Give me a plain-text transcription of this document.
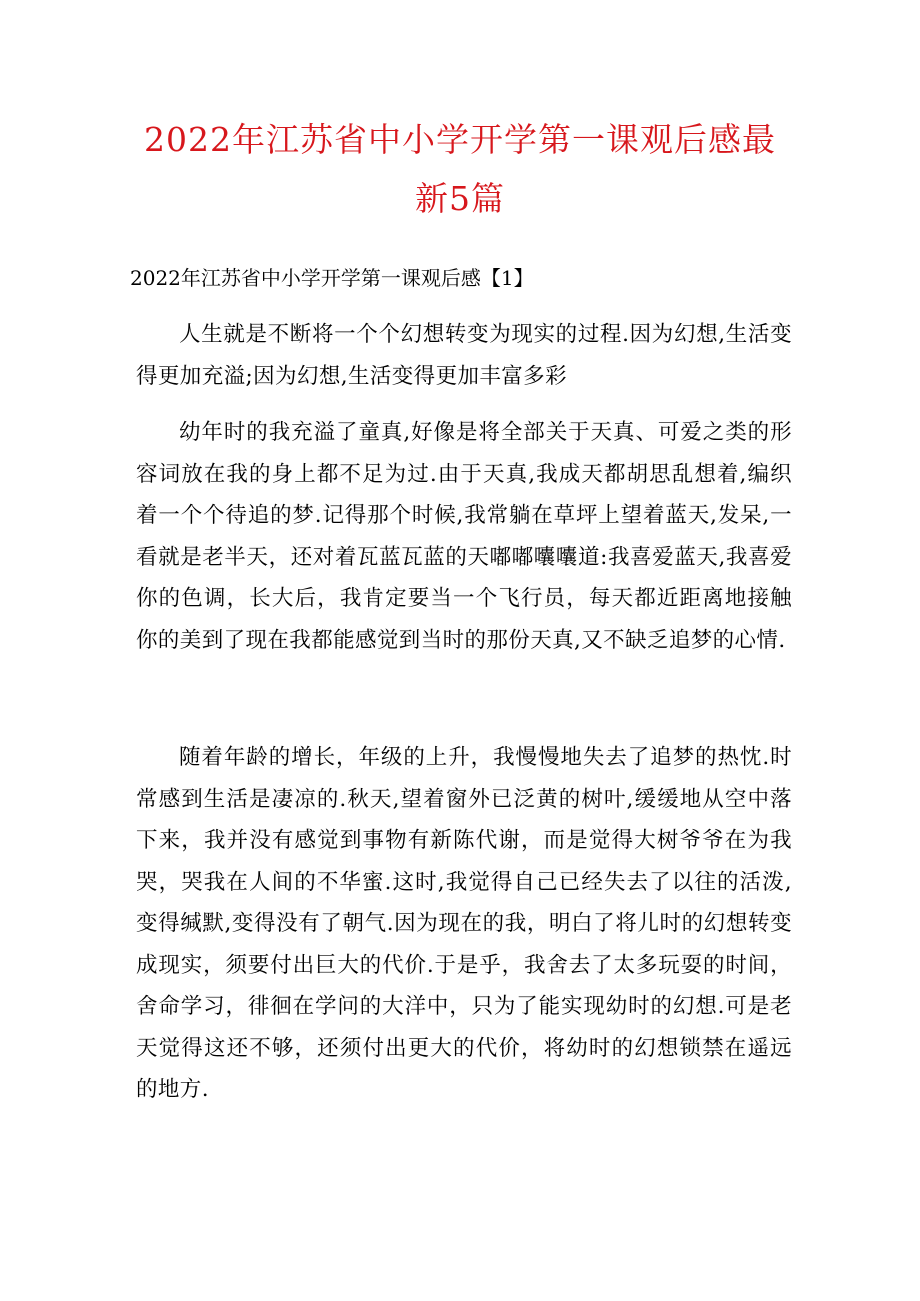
2022年江苏省中小学开学第一课观后感最
新5篇
2022年江苏省中小学开学第一课观后感【1】

人生就是不断将一个个幻想转变为现实的过程.因为幻想,生活变得更加充溢;因为幻想,生活变得更加丰富多彩

幼年时的我充溢了童真,好像是将全部关于天真、可爱之类的形容词放在我的身上都不足为过.由于天真,我成天都胡思乱想着,编织着一个个待追的梦.记得那个时候,我常躺在草坪上望着蓝天,发呆,一看就是老半天，还对着瓦蓝瓦蓝的天嘟嘟囔囔道:我喜爱蓝天,我喜爱你的色调，长大后，我肯定要当一个飞行员，每天都近距离地接触你的美到了现在我都能感觉到当时的那份天真,又不缺乏追梦的心情.

随着年龄的增长，年级的上升，我慢慢地失去了追梦的热忱.时常感到生活是凄凉的.秋天,望着窗外已泛黄的树叶,缓缓地从空中落下来，我并没有感觉到事物有新陈代谢，而是觉得大树爷爷在为我哭，哭我在人间的不华蜜.这时,我觉得自己已经失去了以往的活泼,变得缄默,变得没有了朝气.因为现在的我，明白了将儿时的幻想转变成现实，须要付出巨大的代价.于是乎，我舍去了太多玩耍的时间，舍命学习，徘徊在学问的大洋中，只为了能实现幼时的幻想.可是老天觉得这还不够，还须付出更大的代价，将幼时的幻想锁禁在遥远的地方.
